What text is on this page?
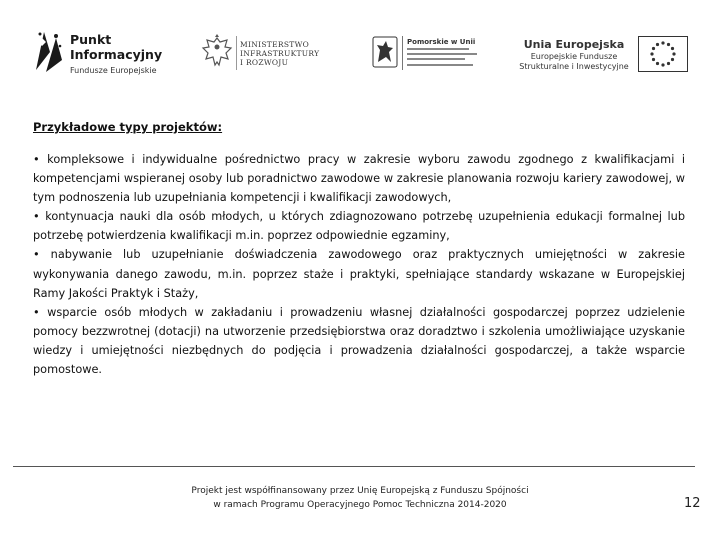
Punkt
Informacyjny
Fundusze Europejskie
MINISTERSTWO
INFRASTRUKTURY
I ROZWOJU
Pomorskie w Unii	Unia Europejska
Europejskie Fundusze
Strukturalne i Inwestycyjne
Przykładowe typy projektów:
• kompleksowe i indywidualne pośrednictwo pracy w zakresie wyboru zawodu zgodnego z kwalifikacjami i kompetencjami wspieranej osoby lub poradnictwo zawodowe w zakresie planowania rozwoju kariery zawodowej, w tym podnoszenia lub uzupełniania kompetencji i kwalifikacji zawodowych,
• kontynuacja nauki dla osób młodych, u których zdiagnozowano potrzebę uzupełnienia edukacji formalnej lub potrzebę potwierdzenia kwalifikacji m.in. poprzez odpowiednie egzaminy,
• nabywanie lub uzupełnianie doświadczenia zawodowego oraz praktycznych umiejętności w zakresie wykonywania danego zawodu, m.in. poprzez staże i praktyki, spełniające standardy wskazane w Europejskiej Ramy Jakości Praktyk i Staży,
• wsparcie osób młodych w zakładaniu i prowadzeniu własnej działalności gospodarczej poprzez udzielenie pomocy bezzwrotnej (dotacji) na utworzenie przedsiębiorstwa oraz doradztwo i szkolenia umożliwiające uzyskanie wiedzy i umiejętności niezbędnych do podjęcia i prowadzenia działalności gospodarczej, a także wsparcie pomostowe.
Projekt jest współfinansowany przez Unię Europejską z Funduszu Spójności
w ramach Programu Operacyjnego Pomoc Techniczna 2014-2020	12
